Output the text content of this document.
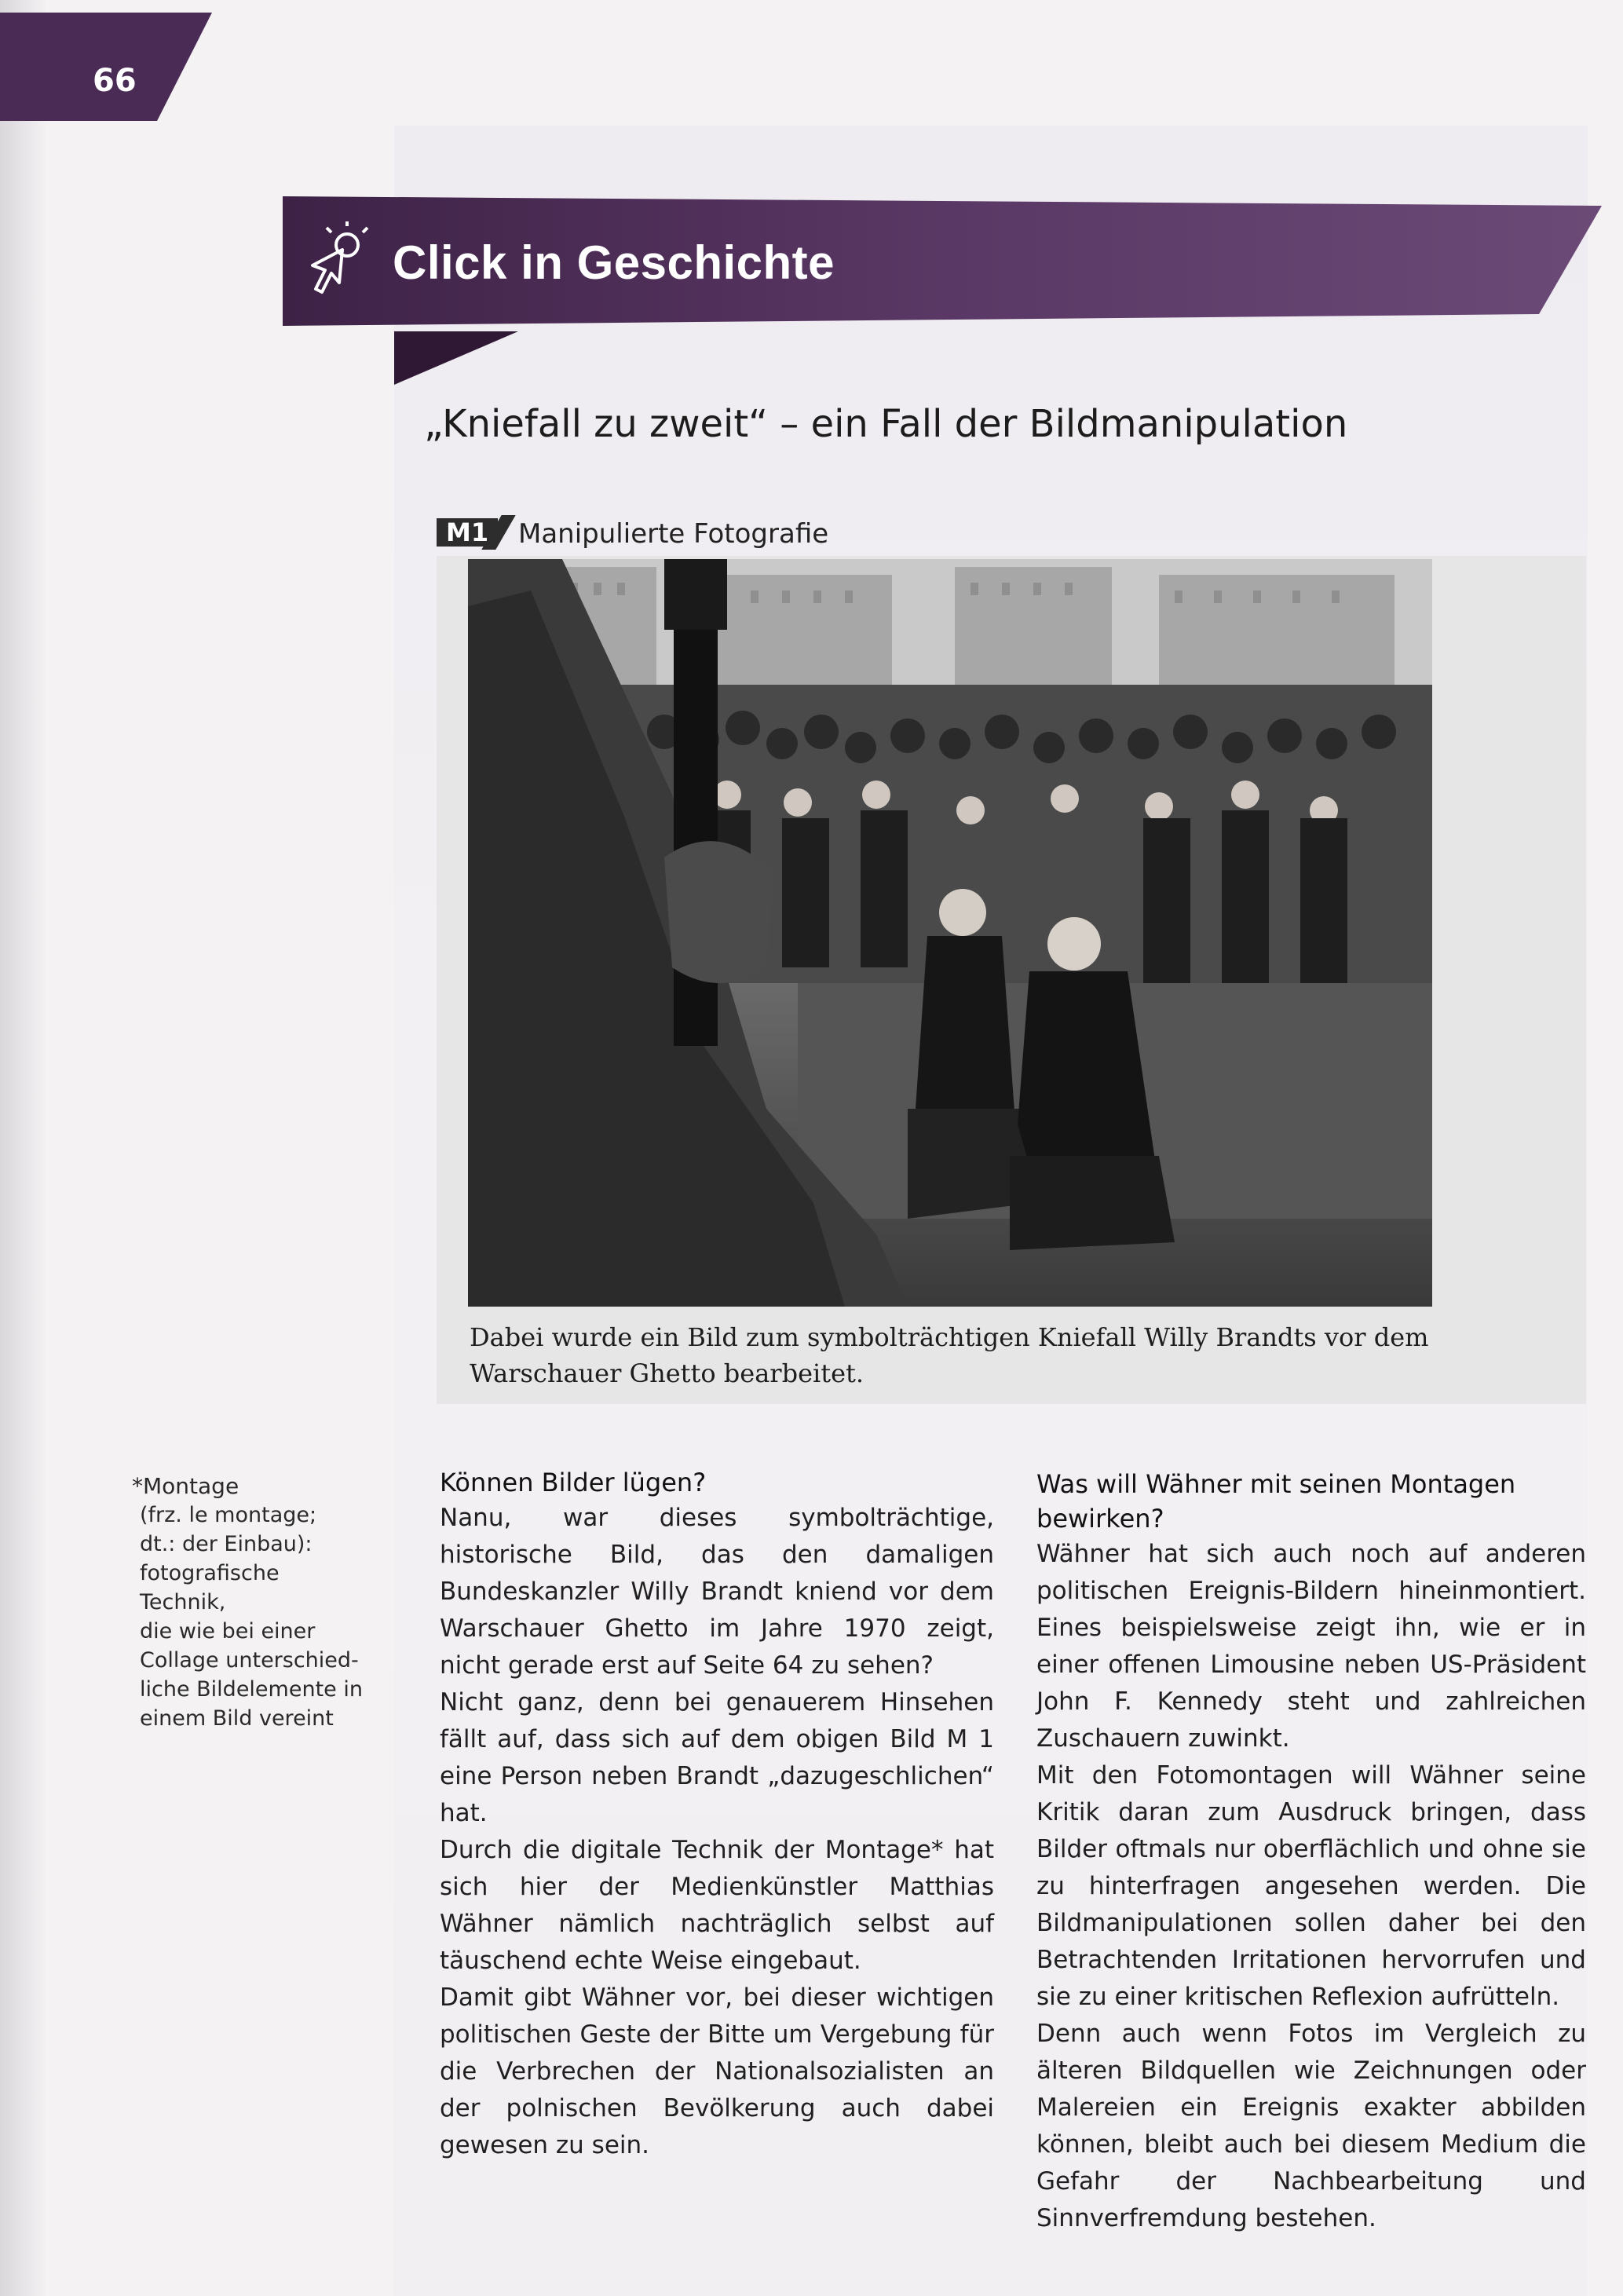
66
Click in Geschichte
„Kniefall zu zweit“ – ein Fall der Bildmanipulation
M1	Manipulierte Fotografie
Dabei wurde ein Bild zum symbolträchtigen Kniefall Willy Brandts vor dem Warschauer Ghetto bearbeitet.
*Montage
(frz. le montage;
dt.: der Einbau):
fotografische Technik,
die wie bei einer
Collage unterschied-
liche Bildelemente in
einem Bild vereint
Können Bilder lügen?

Nanu, war dieses symbolträchtige, historische Bild, das den damaligen Bundeskanzler Willy Brandt kniend vor dem Warschauer Ghetto im Jahre 1970 zeigt, nicht gerade erst auf Seite 64 zu sehen?

Nicht ganz, denn bei genauerem Hinsehen fällt auf, dass sich auf dem obigen Bild M 1 eine Person neben Brandt „dazugeschlichen“ hat.

Durch die digitale Technik der Montage* hat sich hier der Medienkünstler Matthias Wähner nämlich nachträglich selbst auf täuschend echte Weise eingebaut.

Damit gibt Wähner vor, bei dieser wichtigen politischen Geste der Bitte um Vergebung für die Verbrechen der Nationalsozialisten an der polnischen Bevölkerung auch dabei gewesen zu sein.

Was will Wähner mit seinen Montagen bewirken?

Wähner hat sich auch noch auf anderen politischen Ereignis-Bildern hineinmontiert. Eines beispielsweise zeigt ihn, wie er in einer offenen Limousine neben US-Präsident John F. Kennedy steht und zahlreichen Zuschauern zuwinkt.

Mit den Fotomontagen will Wähner seine Kritik daran zum Ausdruck bringen, dass Bilder oftmals nur oberflächlich und ohne sie zu hinterfragen angesehen werden. Die Bildmanipulationen sollen daher bei den Betrachtenden Irritationen hervorrufen und sie zu einer kritischen Reflexion aufrütteln.

Denn auch wenn Fotos im Vergleich zu älteren Bildquellen wie Zeichnungen oder Malereien ein Ereignis exakter abbilden können, bleibt auch bei diesem Medium die Gefahr der Nachbearbeitung und Sinnverfremdung bestehen.
